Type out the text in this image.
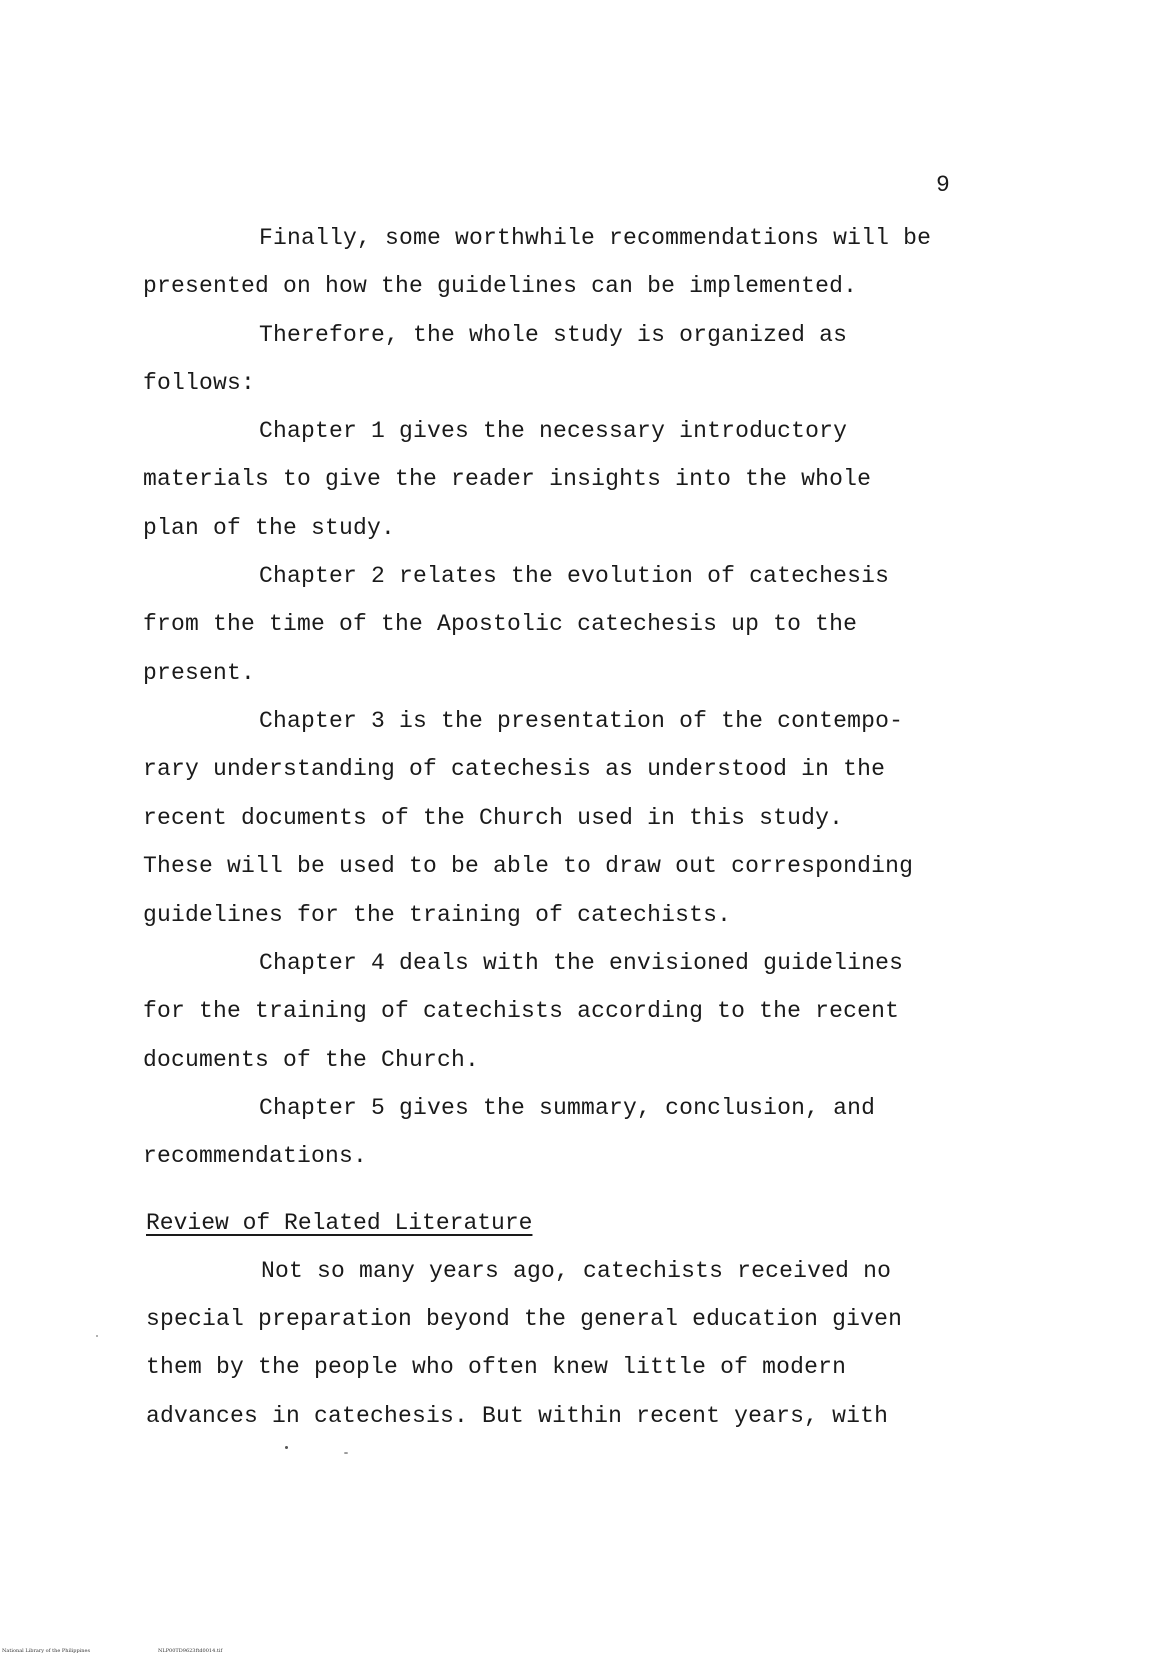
9
Finally, some worthwhile recommendations will be
presented on how the guidelines can be implemented.
Therefore, the whole study is organized as
follows:
Chapter 1 gives the necessary introductory
materials to give the reader insights into the whole
plan of the study.
Chapter 2 relates the evolution of catechesis
from the time of the Apostolic catechesis up to the
present.
Chapter 3 is the presentation of the contempo-
rary understanding of catechesis as understood in the
recent documents of the Church used in this study.
These will be used to be able to draw out corresponding
guidelines for the training of catechists.
Chapter 4 deals with the envisioned guidelines
for the training of catechists according to the recent
documents of the Church.
Chapter 5 gives the summary, conclusion, and
recommendations.
Review of Related Literature
Not so many years ago, catechists received no
special preparation beyond the general education given
them by the people who often knew little of modern
advances in catechesis. But within recent years, with
National Library of the Philippines	NLP00TD9623ftd0014.tif
